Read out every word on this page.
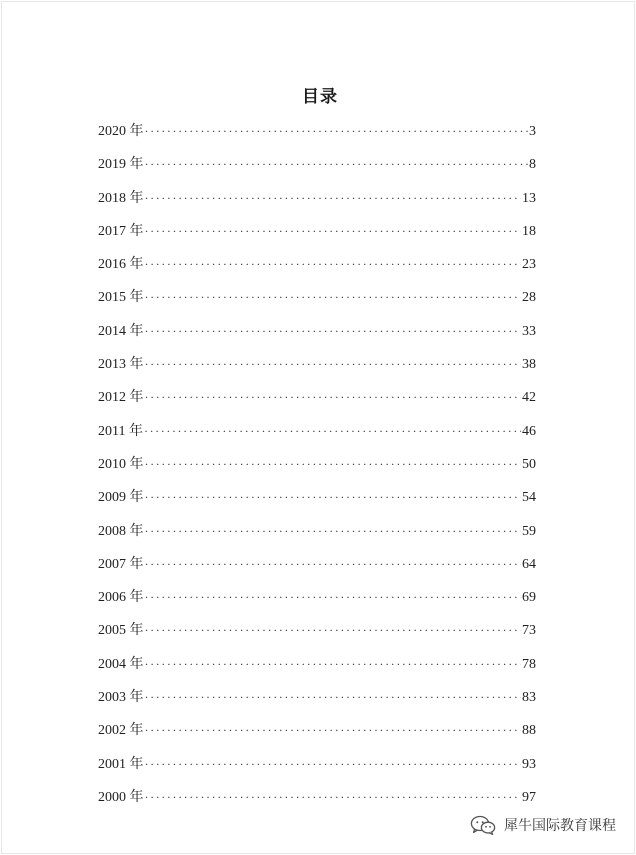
目录
2020 年 ·····	3
2019 年 ·····	8
2018 年 ·····	13
2017 年 ·····	18
2016 年 ·····	23
2015 年 ·····	28
2014 年 ·····	33
2013 年 ·····	38
2012 年 ·····	42
2011 年 ·····	46
2010 年 ·····	50
2009 年 ·····	54
2008 年 ·····	59
2007 年 ·····	64
2006 年 ·····	69
2005 年 ·····	73
2004 年 ·····	78
2003 年 ·····	83
2002 年 ·····	88
2001 年 ·····	93
2000 年 ·····	97
犀牛国际教育课程
